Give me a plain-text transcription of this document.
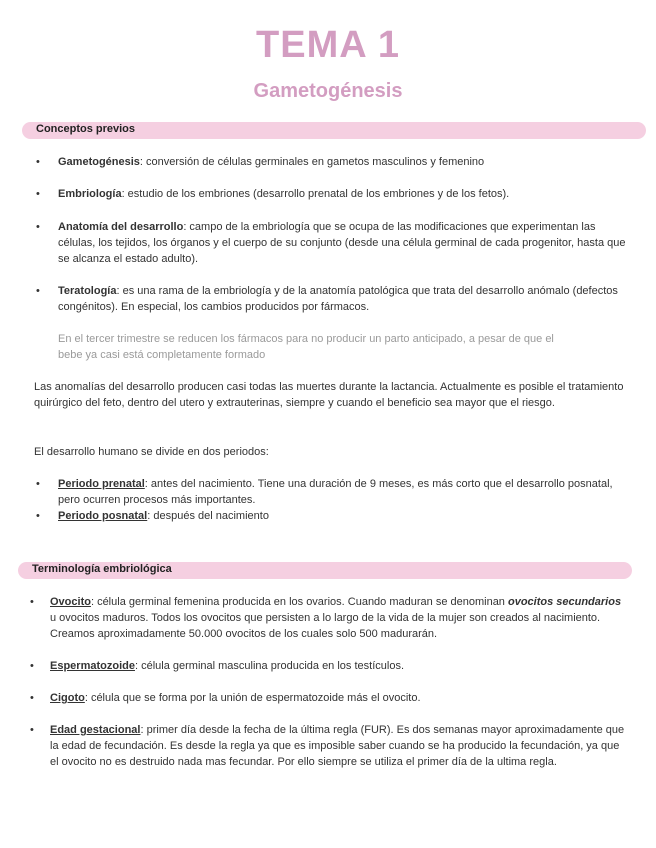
TEMA 1
Gametogénesis
Conceptos previos
• Gametogénesis: conversión de células germinales en gametos masculinos y femenino

• Embriología: estudio de los embriones (desarrollo prenatal de los embriones y de los fetos).

• Anatomía del desarrollo: campo de la embriología que se ocupa de las modificaciones que experimentan las células, los tejidos, los órganos y el cuerpo de su conjunto (desde una célula germinal de cada progenitor, hasta que se alcanza el estado adulto).

• Teratología: es una rama de la embriología y de la anatomía patológica que trata del desarrollo anómalo (defectos congénitos). En especial, los cambios producidos por fármacos.

En el tercer trimestre se reducen los fármacos para no producir un parto anticipado, a pesar de que el bebe ya casi está completamente formado

Las anomalías del desarrollo producen casi todas las muertes durante la lactancia. Actualmente es posible el tratamiento quirúrgico del feto, dentro del utero y extrauterinas, siempre y cuando el beneficio sea mayor que el riesgo.

El desarrollo humano se divide en dos periodos:

• Periodo prenatal: antes del nacimiento. Tiene una duración de 9 meses, es más corto que el desarrollo posnatal, pero ocurren procesos más importantes.

• Periodo posnatal: después del nacimiento

Terminología embriológica
• Ovocito: célula germinal femenina producida en los ovarios. Cuando maduran se denominan ovocitos secundarios u ovocitos maduros. Todos los ovocitos que persisten a lo largo de la vida de la mujer son creados al nacimiento. Creamos aproximadamente 50.000 ovocitos de los cuales solo 500 madurarán.

• Espermatozoide: célula germinal masculina producida en los testículos.

• Cigoto: célula que se forma por la unión de espermatozoide más el ovocito.

• Edad gestacional: primer día desde la fecha de la última regla (FUR). Es dos semanas mayor aproximadamente que la edad de fecundación. Es desde la regla ya que es imposible saber cuando se ha producido la fecundación, ya que el ovocito no es destruido nada mas fecundar. Por ello siempre se utiliza el primer día de la ultima regla.
